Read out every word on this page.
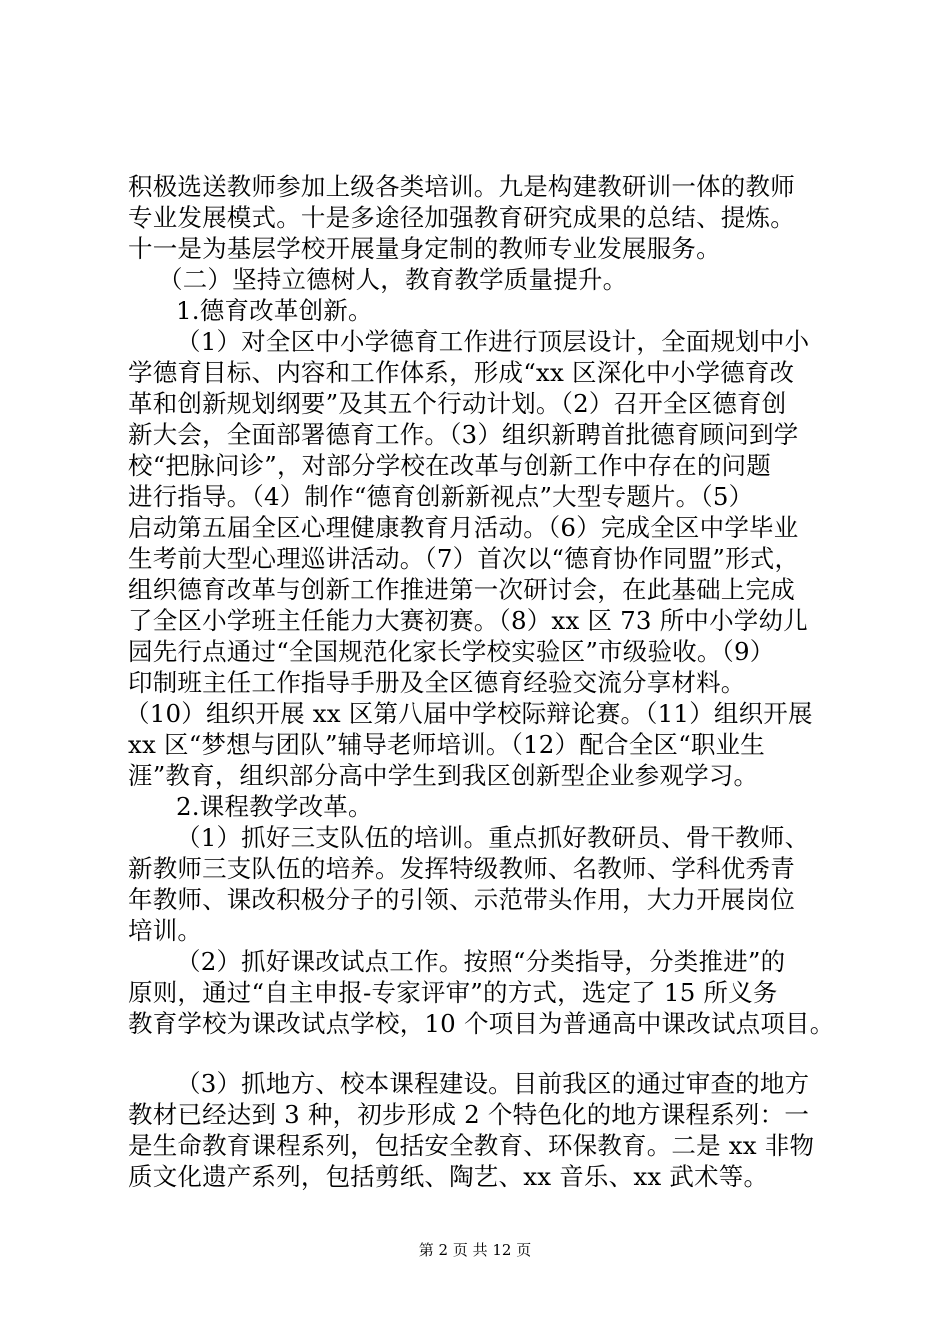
积极选送教师参加上级各类培训。九是构建教研训一体的教师
专业发展模式。十是多途径加强教育研究成果的总结、提炼。
十一是为基层学校开展量身定制的教师专业发展服务。
（二）坚持立德树人，教育教学质量提升。
1.德育改革创新。
（1）对全区中小学德育工作进行顶层设计，全面规划中小
学德育目标、内容和工作体系，形成“xx 区深化中小学德育改
革和创新规划纲要”及其五个行动计划。（2）召开全区德育创
新大会，全面部署德育工作。（3）组织新聘首批德育顾问到学
校“把脉问诊”，对部分学校在改革与创新工作中存在的问题
进行指导。（4）制作“德育创新新视点”大型专题片。（5）
启动第五届全区心理健康教育月活动。（6）完成全区中学毕业
生考前大型心理巡讲活动。（7）首次以“德育协作同盟”形式，
组织德育改革与创新工作推进第一次研讨会，在此基础上完成
了全区小学班主任能力大赛初赛。（8）xx 区 73 所中小学幼儿
园先行点通过“全国规范化家长学校实验区”市级验收。（9）
印制班主任工作指导手册及全区德育经验交流分享材料。
（10）组织开展 xx 区第八届中学校际辩论赛。（11）组织开展
xx 区“梦想与团队”辅导老师培训。（12）配合全区“职业生
涯”教育，组织部分高中学生到我区创新型企业参观学习。
2.课程教学改革。
（1）抓好三支队伍的培训。重点抓好教研员、骨干教师、
新教师三支队伍的培养。发挥特级教师、名教师、学科优秀青
年教师、课改积极分子的引领、示范带头作用，大力开展岗位
培训。
（2）抓好课改试点工作。按照“分类指导，分类推进”的
原则，通过“自主申报-专家评审”的方式，选定了 15 所义务
教育学校为课改试点学校，10 个项目为普通高中课改试点项目。
（3）抓地方、校本课程建设。目前我区的通过审查的地方
教材已经达到 3 种，初步形成 2 个特色化的地方课程系列：一
是生命教育课程系列，包括安全教育、环保教育。二是 xx 非物
质文化遗产系列，包括剪纸、陶艺、xx 音乐、xx 武术等。
第 2 页 共 12 页
